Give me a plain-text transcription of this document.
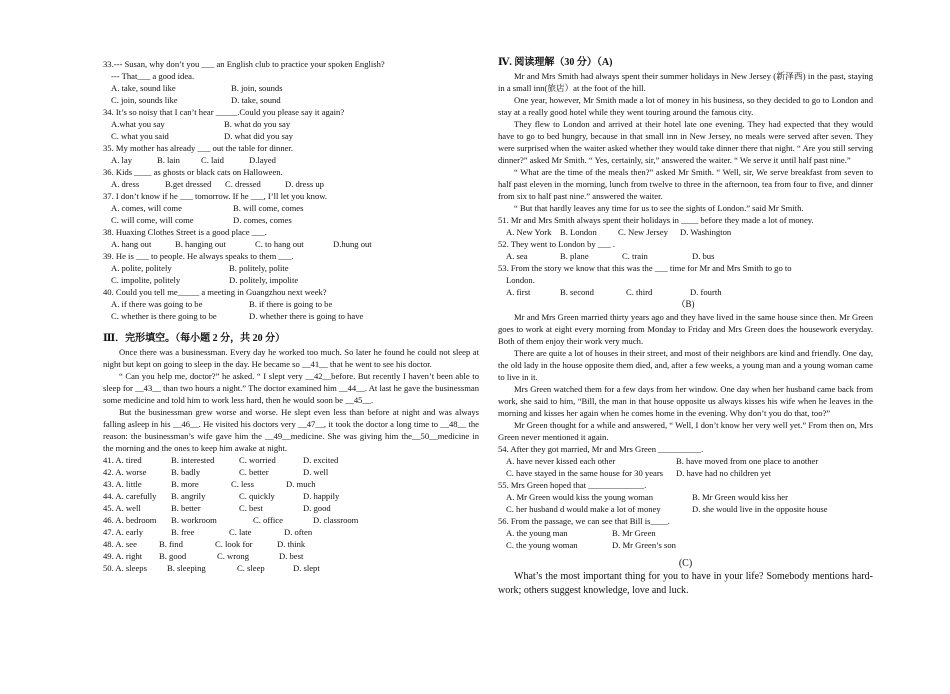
33.--- Susan, why don’t you ___ an English club to practice your spoken English?
--- That___ a good idea.
A. take, sound like	B. join, sounds
C. join, sounds like	D. take, sound
34. It’s so noisy that I can’t hear _____.Could you please say it again?
A.what you say	B. what do you say
C. what you said	D. what did you say
35. My mother has already ___ out the table for dinner.
A. lay	B. lain	C. laid	D.layed
36. Kids ____ as ghosts or black cats on Halloween.
A. dress	B.get dressed	C. dressed	D. dress up
37. I don’t know if he ___ tomorrow. If he ___, I’ll let you know.
A. comes, will come	B. will come, comes
C. will come, will come	D. comes, comes
38. Huaxing Clothes Street is a good place ___.
A. hang out	B. hanging out	C. to hang out	D.hung out
39. He is ___ to people. He always speaks to them ___.
A. polite, politely	B. politely, polite
C. impolite, politely	D. politely, impolite
40. Could you tell me_____ a meeting in Guangzhou next week?
A. if there was going to be	B. if there is going to be
C. whether is there going to be	D. whether there is going to have
Ⅲ．完形填空。（每小题 2 分，共 20 分）

Once there was a businessman. Every day he worked too much. So later he found he could not sleep at night but kept on going to sleep in the day. He became so __41__ that he went to see his doctor.

“ Can you help me, doctor?” he asked. “ I slept very __42__before. But recently I haven’t been able to sleep for __43__ than two hours a night.” The doctor examined him __44__. At last he gave the businessman some medicine and told him to work less hard, then he would soon be __45__.

But the businessman grew worse and worse. He slept even less than before at night and was always falling asleep in his __46__. He visited his doctors very __47__, it took the doctor a long time to __48__ the reason: the businessman’s wife gave him the __49__medicine. She was giving him the__50__medicine in the morning and the ones to keep him awake at night.

41. A. tired	B. interested	C. worried	D. excited
42. A. worse	B. badly	C. better	D. well
43. A. little	B. more	C. less	D. much
44. A. carefully	B. angrily	C. quickly	D. happily
45. A. well	B. better	C. best	D. good
46. A. bedroom	B. workroom	C. office	D. classroom
47. A. early	B. free	C. late	D. often
48. A. see	B. find	C. look for	D. think
49. A. right	B. good	C. wrong	D. best
50. A. sleeps	B. sleeping	C. sleep	D. slept
Ⅳ. 阅读理解（30 分）（A)

Mr and Mrs Smith had always spent their summer holidays in New Jersey (新泽西) in the past, staying in a small inn(旅店）at the foot of the hill.

One year, however, Mr Smith made a lot of money in his business, so they decided to go to London and stay at a really good hotel while they went touring around the famous city.

They flew to London and arrived at their hotel late one evening. They had expected that they would have to go to bed hungry, because in that small inn in New Jersey, no meals were served after seven. They were surprised when the waiter asked whether they would take dinner there that night. “ Are you still serving dinner?” asked Mr Smith. “ Yes, certainly, sir,” answered the waiter. “ We serve it until half past nine.”

“ What are the time of the meals then?” asked Mr Smith. “ Well, sir, We serve breakfast from seven to half past eleven in the morning, lunch from twelve to three in the afternoon, tea from four to five, and dinner from six to half past nine.” answered the waiter.

“ But that hardly leaves any time for us to see the sights of London.” said Mr Smith.

51. Mr and Mrs Smith always spent their holidays in ____ before they made a lot of money.
A. New York	B. London	C. New Jersey	D. Washington
52. They went to London by ___ .
A. sea	B. plane	C. train	D. bus
53. From the story we know that this was the ___ time for Mr and Mrs Smith to go to
London.
A. first	B. second	C. third	D. fourth
（B)

Mr and Mrs Green married thirty years ago and they have lived in the same house since then. Mr Green goes to work at eight every morning from Monday to Friday and Mrs Green does the housework everyday. Both of them enjoy their work very much.

There are quite a lot of houses in their street, and most of their neighbors are kind and friendly. One day, the old lady in the house opposite them died, and, after a few weeks, a young man and a young woman came to live in it.

Mrs Green watched them for a few days from her window. One day when her husband came back from work, she said to him, “Bill, the man in that house opposite us always kisses his wife when he leaves in the morning and kisses her again when he comes home in the evening. Why don’t you do that, too?”

Mr Green thought for a while and answered, “ Well, I don’t know her very well yet.” From then on, Mrs Green never mentioned it again.

54. After they got married, Mr and Mrs Green __________.
A. have never kissed each other	B. have moved from one place to another
C. have stayed in the same house for 30 years	D. have had no children yet
55. Mrs Green hoped that _____________.
A. Mr Green would kiss the young woman	B. Mr Green would kiss her
C. her husband d would make a lot of money	D. she would live in the opposite house
56. From the passage, we can see that Bill is____.
A. the young man	B. Mr Green
C. the young woman	D. Mr Green’s son
(C)

What’s the most important thing for you to have in your life? Somebody mentions hard-work; others suggest knowledge, love and luck.
